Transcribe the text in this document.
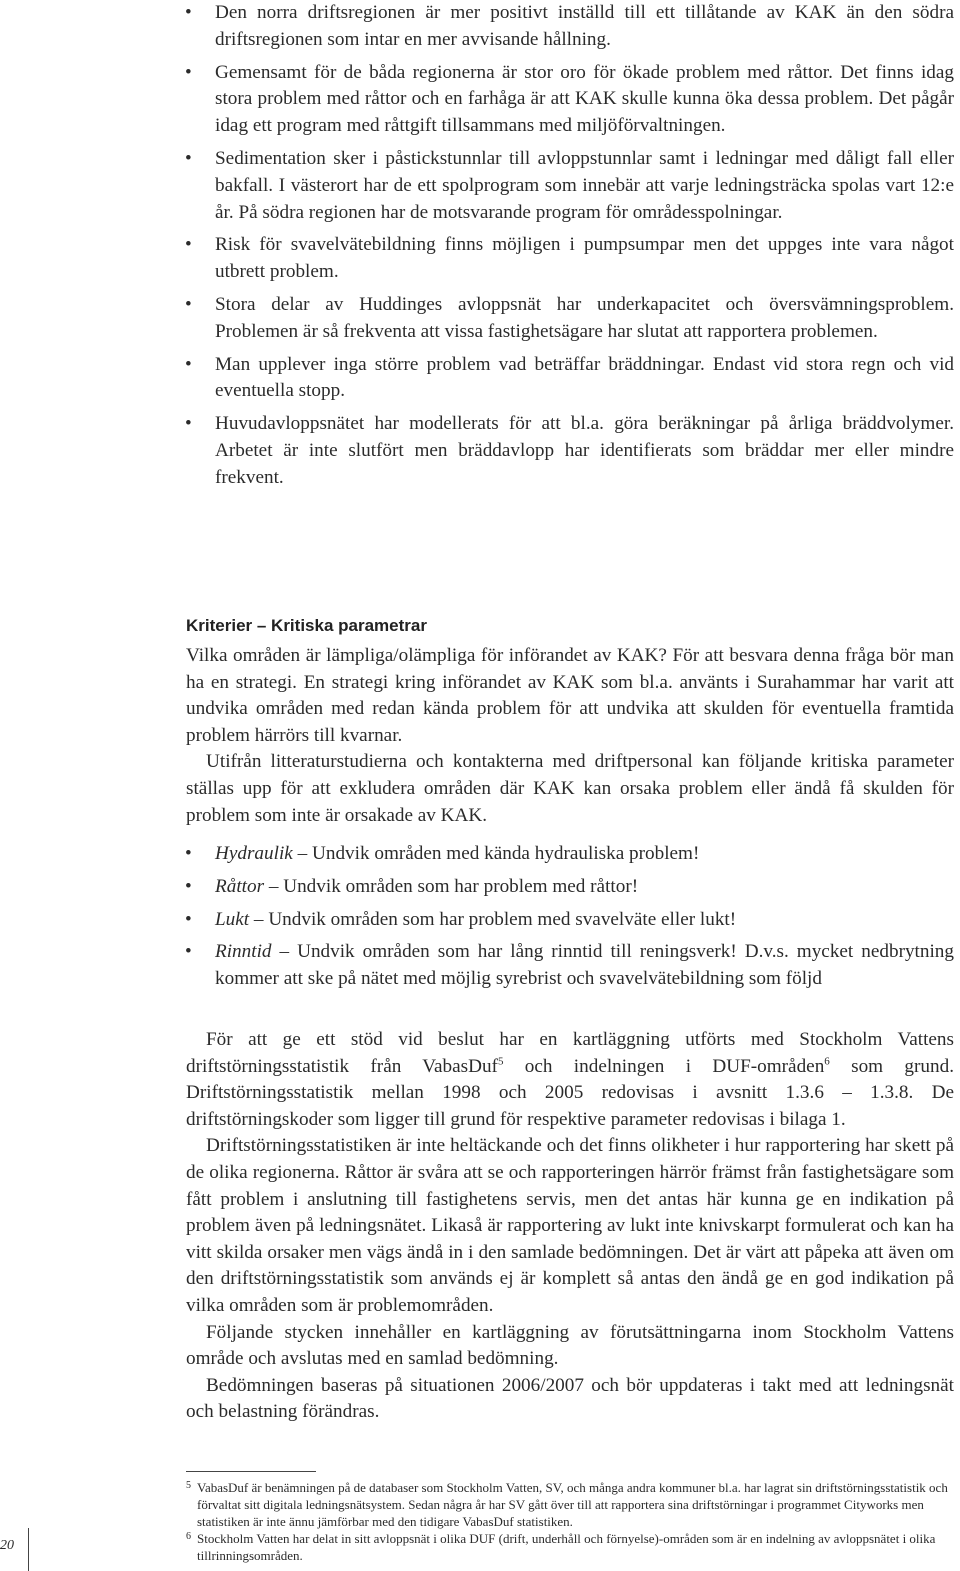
• Den norra driftsregionen är mer positivt inställd till ett tillåtande av KAK än den södra driftsregionen som intar en mer avvisande hållning.
• Gemensamt för de båda regionerna är stor oro för ökade problem med råttor. Det finns idag stora problem med råttor och en farhåga är att KAK skulle kunna öka dessa problem. Det pågår idag ett program med råttgift tillsammans med miljöförvaltningen.
• Sedimentation sker i påstickstunnlar till avloppstunnlar samt i ledningar med dåligt fall eller bakfall. I västerort har de ett spolprogram som innebär att varje ledningsträcka spolas vart 12:e år. På södra regionen har de motsvarande program för områdesspolningar.
• Risk för svavelvätebildning finns möjligen i pumpsumpar men det uppges inte vara något utbrett problem.
• Stora delar av Huddinges avloppsnät har underkapacitet och översvämningsproblem. Problemen är så frekventa att vissa fastighetsägare har slutat att rapportera problemen.
• Man upplever inga större problem vad beträffar bräddningar. Endast vid stora regn och vid eventuella stopp.
• Huvudavloppsnätet har modellerats för att bl.a. göra beräkningar på årliga bräddvolymer. Arbetet är inte slutfört men bräddavlopp har identifierats som bräddar mer eller mindre frekvent.
Kriterier – Kritiska parametrar

Vilka områden är lämpliga/olämpliga för införandet av KAK? För att besvara denna fråga bör man ha en strategi. En strategi kring införandet av KAK som bl.a. använts i Surahammar har varit att undvika områden med redan kända problem för att undvika att skulden för eventuella framtida problem härrörs till kvarnar.

Utifrån litteraturstudierna och kontakterna med driftpersonal kan följande kritiska parameter ställas upp för att exkludera områden där KAK kan orsaka problem eller ändå få skulden för problem som inte är orsakade av KAK.

• Hydraulik – Undvik områden med kända hydrauliska problem!
• Råttor – Undvik områden som har problem med råttor!
• Lukt – Undvik områden som har problem med svavelväte eller lukt!
• Rinntid – Undvik områden som har lång rinntid till reningsverk! D.v.s. mycket nedbrytning kommer att ske på nätet med möjlig syrebrist och svavelvätebildning som följd

För att ge ett stöd vid beslut har en kartläggning utförts med Stockholm Vattens driftstörningsstatistik från VabasDuf$^5$ och indelningen i DUF-områden$^6$ som grund. Driftstörningsstatistik mellan 1998 och 2005 redovisas i avsnitt 1.3.6 – 1.3.8. De driftstörningskoder som ligger till grund för respektive parameter redovisas i bilaga 1.

Driftstörningsstatistiken är inte heltäckande och det finns olikheter i hur rapportering har skett på de olika regionerna. Råttor är svåra att se och rapporteringen härrör främst från fastighetsägare som fått problem i anslutning till fastighetens servis, men det antas här kunna ge en indikation på problem även på ledningsnätet. Likaså är rapportering av lukt inte knivskarpt formulerat och kan ha vitt skilda orsaker men vägs ändå in i den samlade bedömningen. Det är värt att påpeka att även om den driftstörningsstatistik som används ej är komplett så antas den ändå ge en god indikation på vilka områden som är problemområden.

Följande stycken innehåller en kartläggning av förutsättningarna inom Stockholm Vattens område och avslutas med en samlad bedömning.

Bedömningen baseras på situationen 2006/2007 och bör uppdateras i takt med att ledningsnät och belastning förändras.

5 VabasDuf är benämningen på de databaser som Stockholm Vatten, SV, och många andra kommuner bl.a. har lagrat sin driftstörningsstatistik och förvaltat sitt digitala ledningsnätsystem. Sedan några år har SV gått över till att rapportera sina driftstörningar i programmet Cityworks men statistiken är inte ännu jämförbar med den tidigare VabasDuf statistiken.
6 Stockholm Vatten har delat in sitt avloppsnät i olika DUF (drift, underhåll och förnyelse)-områden som är en indelning av avloppsnätet i olika tillrinningsområden.
20
